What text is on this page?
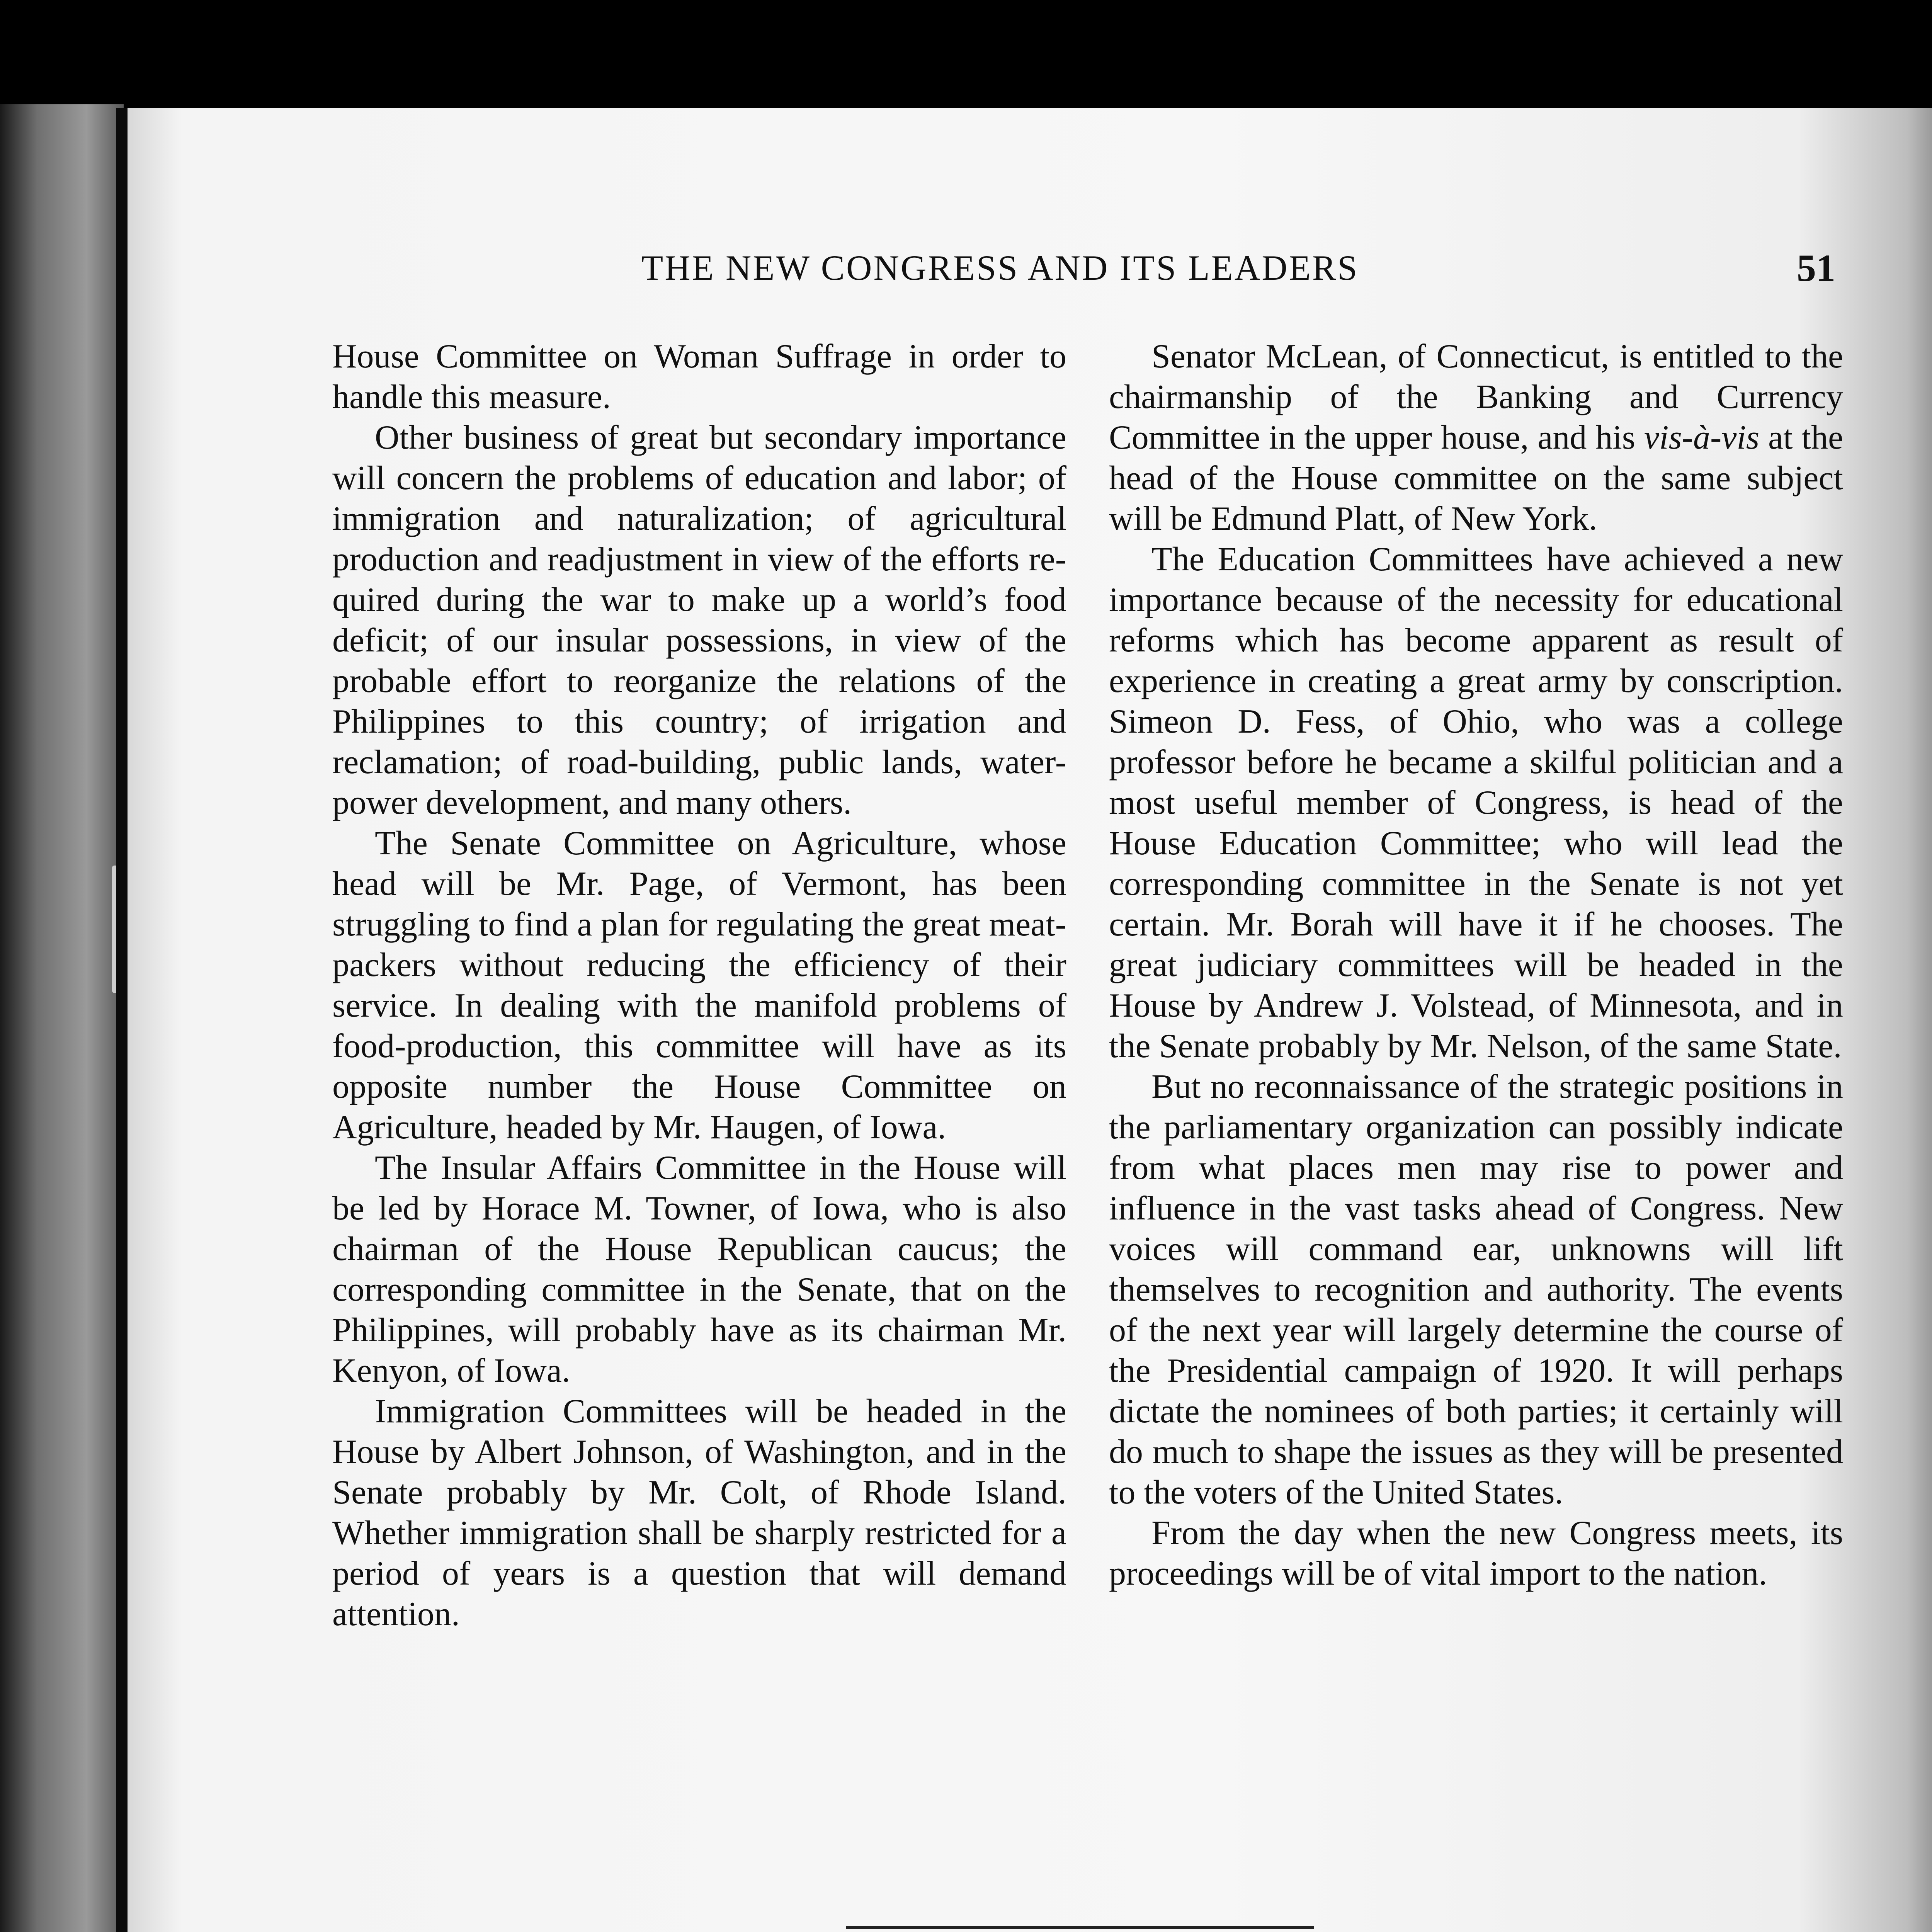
THE NEW CONGRESS AND ITS LEADERS	51

House Committee on Woman Suffrage in order to handle this measure.

Other business of great but secondary importance will concern the problems of education and labor; of immigration and naturalization; of agricultural production and readjustment in view of the efforts required during the war to make up a world’s food deficit; of our insular possessions, in view of the probable effort to reorganize the relations of the Philippines to this country; of irrigation and reclamation; of road-building, public lands, water-power development, and many others.

The Senate Committee on Agriculture, whose head will be Mr. Page, of Vermont, has been struggling to find a plan for regulating the great meat-packers without reducing the efficiency of their service. In dealing with the manifold problems of food-production, this committee will have as its opposite number the House Committee on Agriculture, headed by Mr. Haugen, of Iowa.

The Insular Affairs Committee in the House will be led by Horace M. Towner, of Iowa, who is also chairman of the House Republican caucus; the corresponding committee in the Senate, that on the Philippines, will probably have as its chairman Mr. Kenyon, of Iowa.

Immigration Committees will be headed in the House by Albert Johnson, of Washington, and in the Senate probably by Mr. Colt, of Rhode Island. Whether immigration shall be sharply restricted for a period of years is a question that will demand attention.

Senator McLean, of Connecticut, is entitled to the chairmanship of the Banking and Currency Committee in the upper house, and his vis-à-vis at the head of the House committee on the same subject will be Edmund Platt, of New York.

The Education Committees have achieved a new importance because of the necessity for educational reforms which has become apparent as result of experience in creating a great army by conscription. Simeon D. Fess, of Ohio, who was a college professor before he became a skilful politician and a most useful member of Congress, is head of the House Education Committee; who will lead the corresponding committee in the Senate is not yet certain. Mr. Borah will have it if he chooses. The great judiciary committees will be headed in the House by Andrew J. Volstead, of Minnesota, and in the Senate probably by Mr. Nelson, of the same State.

But no reconnaissance of the strategic positions in the parliamentary organization can possibly indicate from what places men may rise to power and influence in the vast tasks ahead of Congress. New voices will command ear, unknowns will lift themselves to recognition and authority. The events of the next year will largely determine the course of the Presidential campaign of 1920. It will perhaps dictate the nominees of both parties; it certainly will do much to shape the issues as they will be presented to the voters of the United States.

From the day when the new Congress meets, its proceedings will be of vital import to the nation.
